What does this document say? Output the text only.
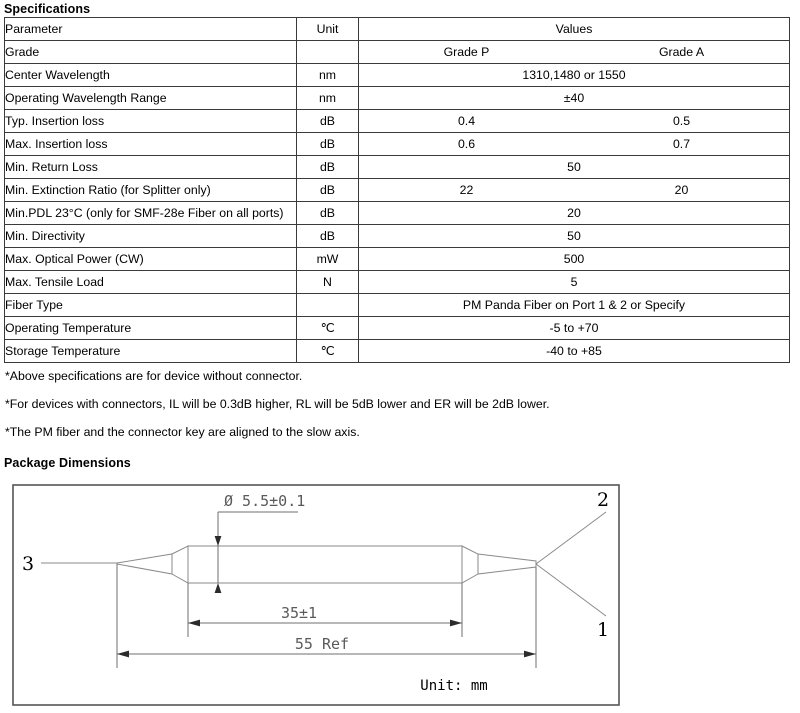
Specifications
Parameter	Unit	Values
Grade		Grade P Grade A

Center Wavelength	nm	1310,1480 or 1550
Operating Wavelength Range	nm	±40
Typ. Insertion loss	dB	0.4 0.5

Max. Insertion loss	dB	0.6 0.7

Min. Return Loss	dB	50
Min. Extinction Ratio (for Splitter only)	dB	22 20

Min.PDL 23°C (only for SMF-28e Fiber on all ports)	dB	20
Min. Directivity	dB	50
Max. Optical Power (CW)	mW	500
Max. Tensile Load	N	5
Fiber Type		PM Panda Fiber on Port 1 & 2 or Specify
Operating Temperature	℃	-5 to +70
Storage Temperature	℃	-40 to +85

*Above specifications are for device without connector.

*For devices with connectors, IL will be 0.3dB higher, RL will be 5dB lower and ER will be 2dB lower.

*The PM fiber and the connector key are aligned to the slow axis.

Package Dimensions
Ø 5.5±0.1
35±1
55 Ref
3
2
1
Unit: mm
